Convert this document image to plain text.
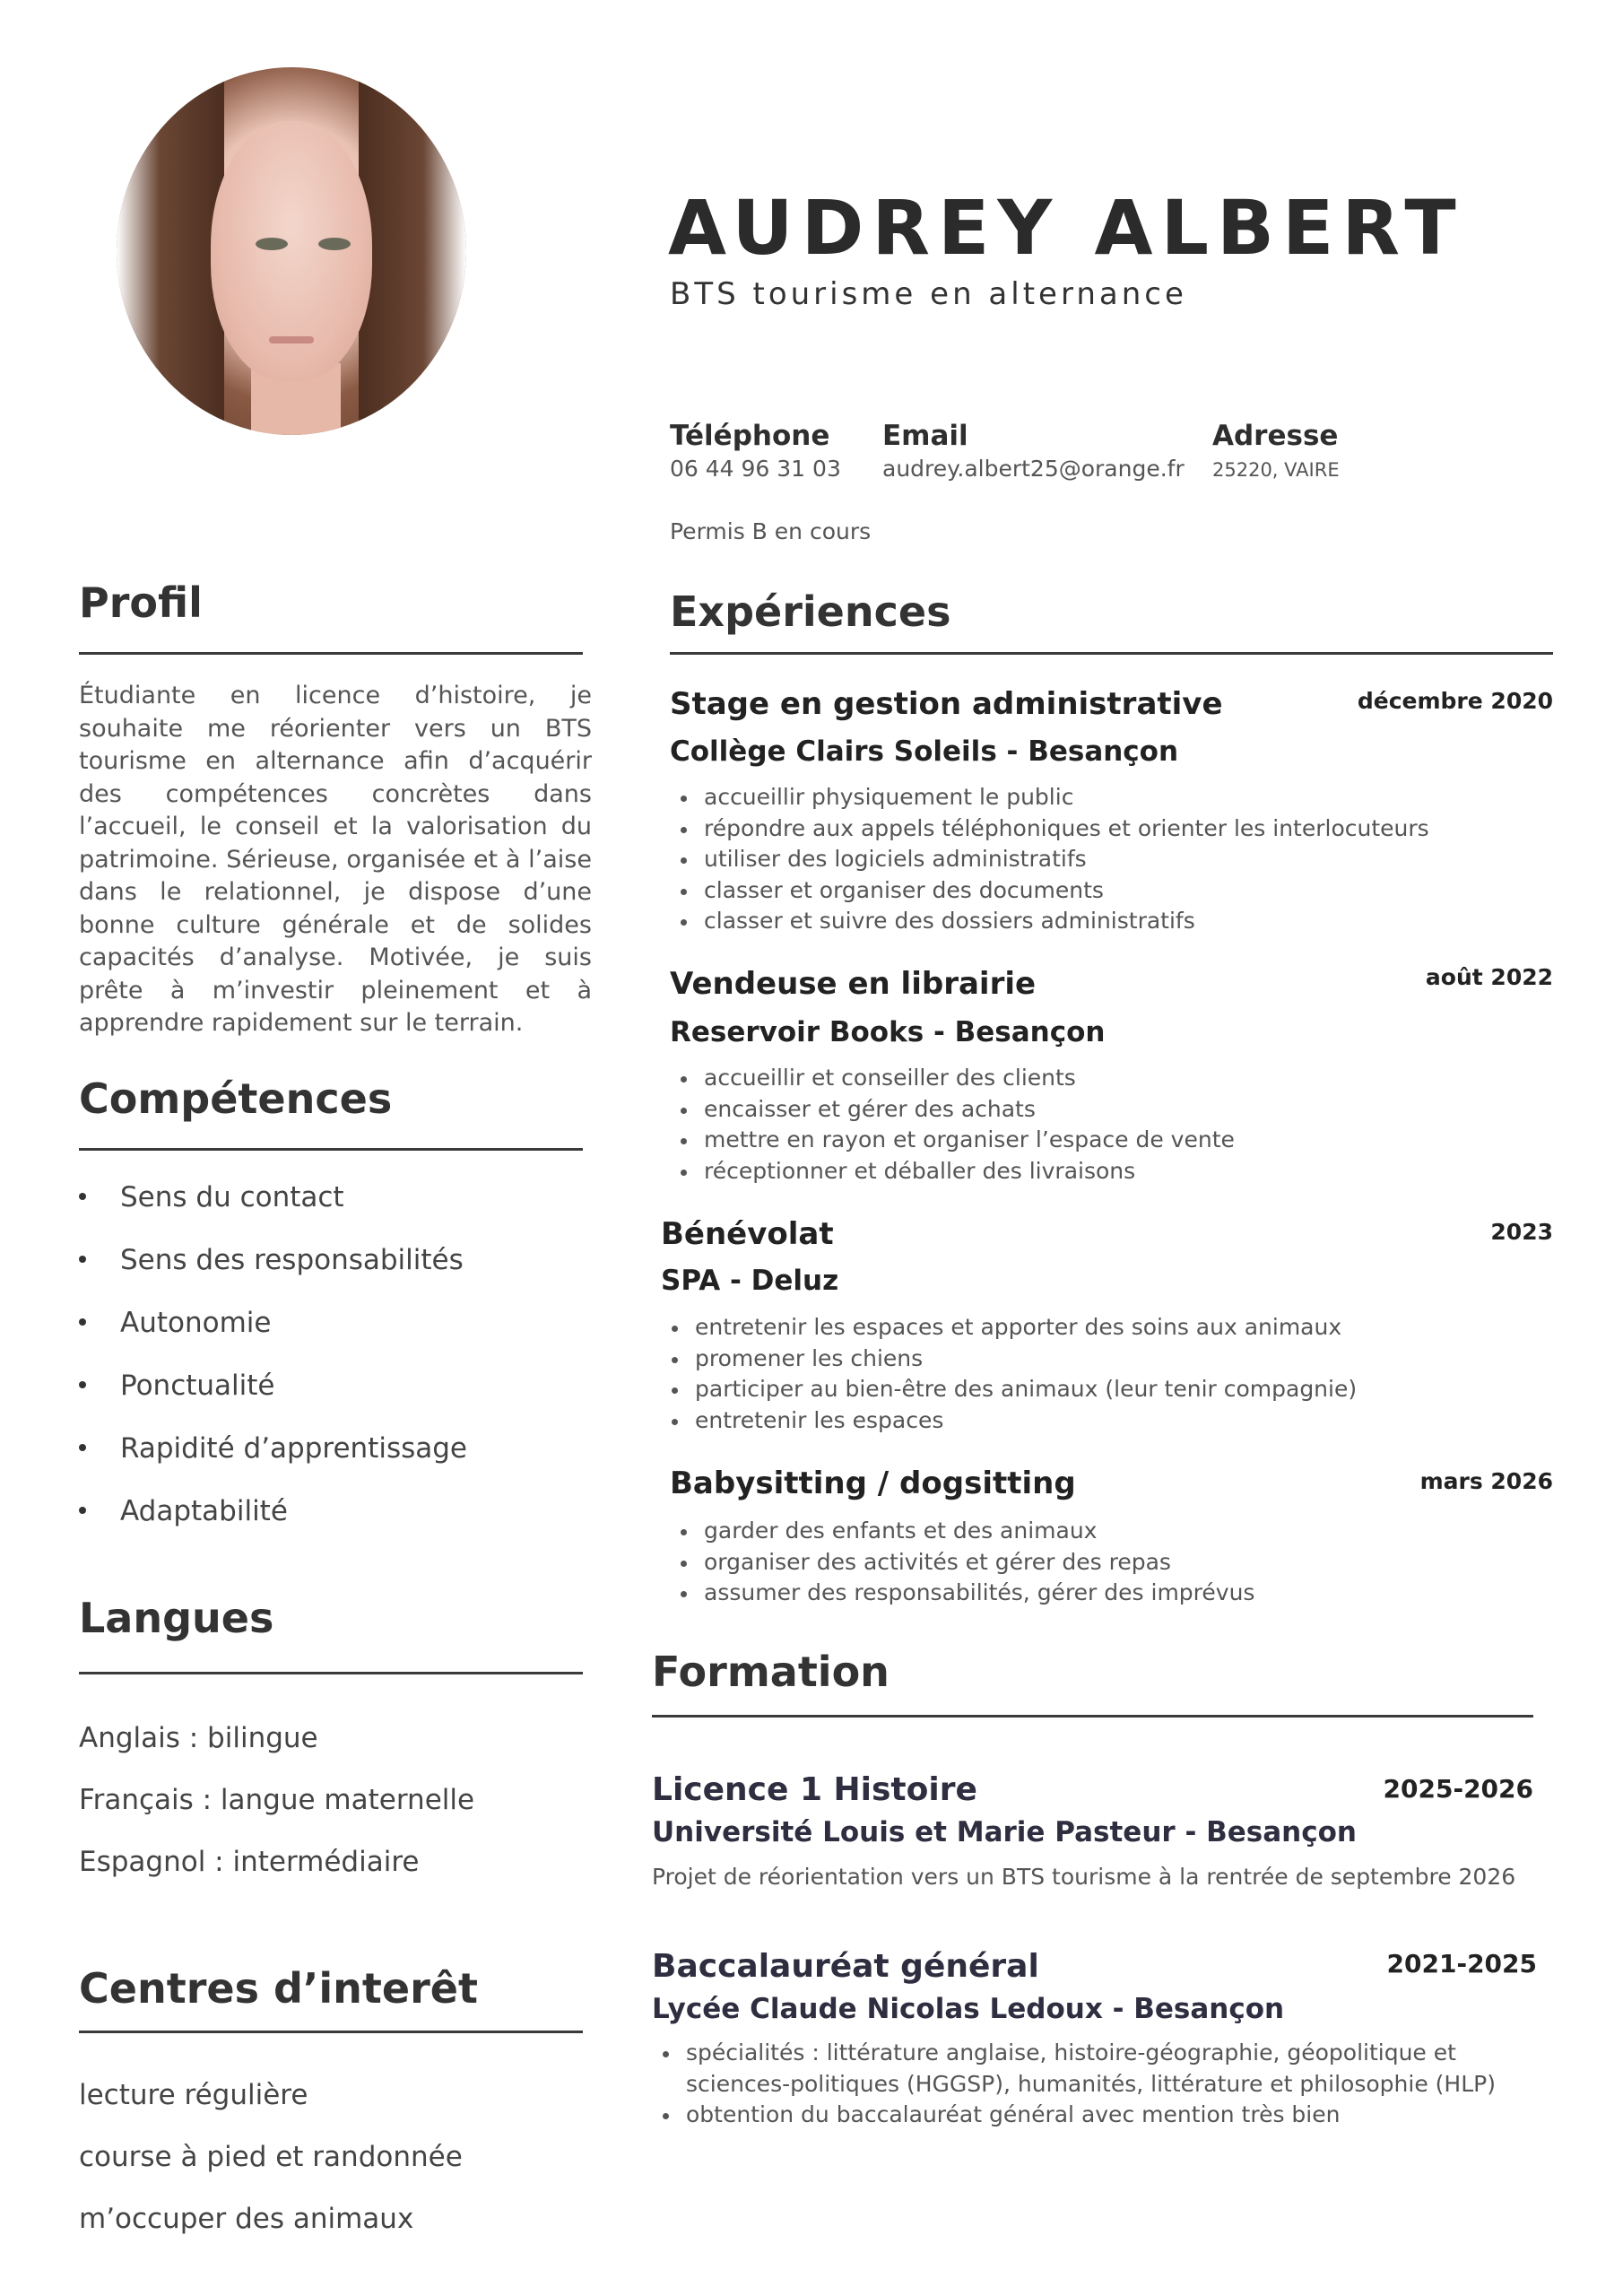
AUDREY ALBERT
BTS tourisme en alternance
Téléphone
06 44 96 31 03
Email
audrey.albert25@orange.fr
Adresse
25220, VAIRE
Permis B en cours
Profil
Étudiante en licence d’histoire, je souhaite me réorienter vers un BTS tourisme en alternance afin d’acquérir des compétences concrètes dans l’accueil, le conseil et la valorisation du patrimoine. Sérieuse, organisée et à l’aise dans le relationnel, je dispose d’une bonne culture générale et de solides capacités d’analyse. Motivée, je suis prête à m’investir pleinement et à apprendre rapidement sur le terrain.
Compétences
Sens du contact
Sens des responsabilités
Autonomie
Ponctualité
Rapidité d’apprentissage
Adaptabilité
Langues
Anglais : bilingue
Français : langue maternelle
Espagnol : intermédiaire
Centres d’interêt
lecture régulière
course à pied et randonnée
m’occuper des animaux
Expériences
Stage en gestion administrative	décembre 2020
Collège Clairs Soleils - Besançon
accueillir physiquement le public
répondre aux appels téléphoniques et orienter les interlocuteurs
utiliser des logiciels administratifs
classer et organiser des documents
classer et suivre des dossiers administratifs
Vendeuse en librairie	août 2022
Reservoir Books - Besançon
accueillir et conseiller des clients
encaisser et gérer des achats
mettre en rayon et organiser l’espace de vente
réceptionner et déballer des livraisons
Bénévolat	2023
SPA - Deluz
entretenir les espaces et apporter des soins aux animaux
promener les chiens
participer au bien-être des animaux (leur tenir compagnie)
entretenir les espaces
Babysitting / dogsitting	mars 2026
garder des enfants et des animaux
organiser des activités et gérer des repas
assumer des responsabilités, gérer des imprévus
Formation
Licence 1 Histoire	2025-2026
Université Louis et Marie Pasteur - Besançon
Projet de réorientation vers un BTS tourisme à la rentrée de septembre 2026
Baccalauréat général	2021-2025
Lycée Claude Nicolas Ledoux - Besançon
spécialités : littérature anglaise, histoire-géographie, géopolitique et sciences-politiques (HGGSP), humanités, littérature et philosophie (HLP)
obtention du baccalauréat général avec mention très bien
